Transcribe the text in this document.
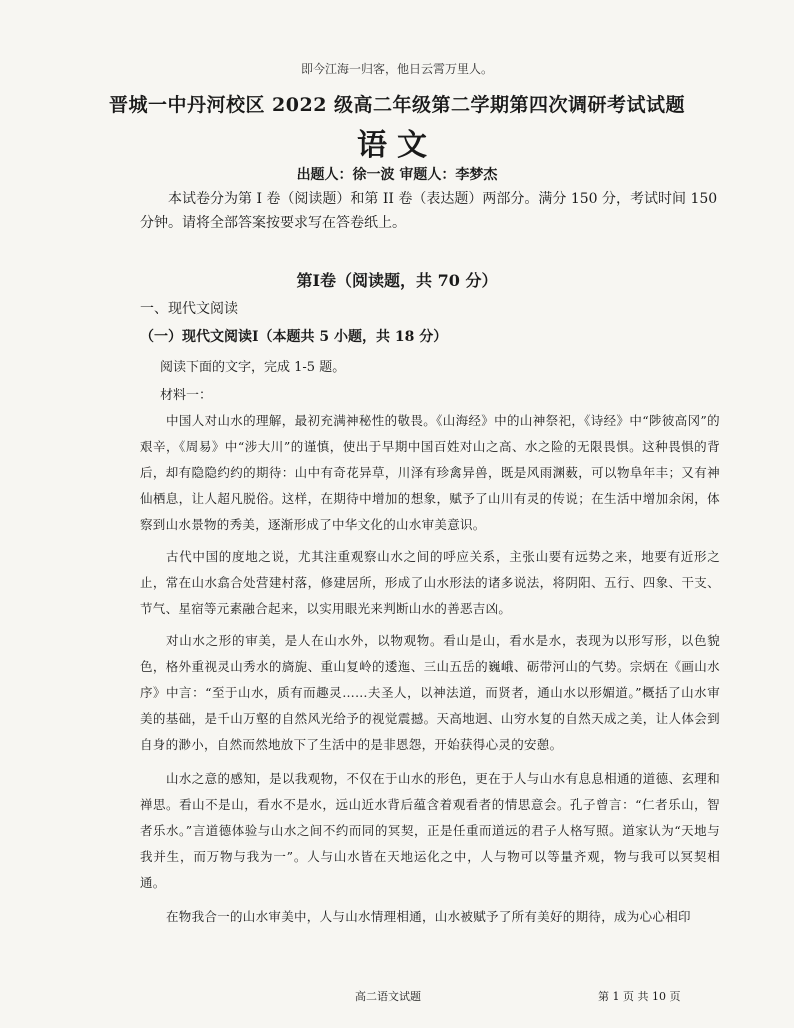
即今江海一归客，他日云霄万里人。
晋城一中丹河校区 2022 级高二年级第二学期第四次调研考试试题
语文
出题人：徐一波 审题人：李梦杰
本试卷分为第 I 卷（阅读题）和第 II 卷（表达题）两部分。满分 150 分，考试时间 150 分钟。请将全部答案按要求写在答卷纸上。
第Ⅰ卷（阅读题，共 70 分）
一、现代文阅读
（一）现代文阅读Ⅰ（本题共 5 小题，共 18 分）
阅读下面的文字，完成 1-5 题。
材料一：
中国人对山水的理解，最初充满神秘性的敬畏。《山海经》中的山神祭祀，《诗经》中“陟彼高冈”的艰辛，《周易》中“涉大川”的谨慎，使出于早期中国百姓对山之高、水之险的无限畏惧。这种畏惧的背后，却有隐隐约约的期待：山中有奇花异草，川泽有珍禽异兽，既是风雨渊薮，可以物阜年丰；又有神仙栖息，让人超凡脱俗。这样，在期待中增加的想象，赋予了山川有灵的传说；在生活中增加余闲，体察到山水景物的秀美，逐渐形成了中华文化的山水审美意识。
古代中国的度地之说，尤其注重观察山水之间的呼应关系，主张山要有远势之来，地要有近形之止，常在山水翕合处营建村落，修建居所，形成了山水形法的诸多说法，将阴阳、五行、四象、干支、节气、星宿等元素融合起来，以实用眼光来判断山水的善恶吉凶。
对山水之形的审美，是人在山水外，以物观物。看山是山，看水是水，表现为以形写形，以色貌色，格外重视灵山秀水的旖旎、重山复岭的逶迤、三山五岳的巍峨、砺带河山的气势。宗炳在《画山水序》中言：“至于山水，质有而趣灵……夫圣人，以神法道，而贤者，通山水以形媚道。”概括了山水审美的基础，是千山万壑的自然风光给予的视觉震撼。天高地迥、山穷水复的自然天成之美，让人体会到自身的渺小，自然而然地放下了生活中的是非恩怨，开始获得心灵的安憩。
山水之意的感知，是以我观物，不仅在于山水的形色，更在于人与山水有息息相通的道德、玄理和禅思。看山不是山，看水不是水，远山近水背后蕴含着观看者的情思意会。孔子曾言：“仁者乐山，智者乐水。”言道德体验与山水之间不约而同的冥契，正是任重而道远的君子人格写照。道家认为“天地与我并生，而万物与我为一”。人与山水皆在天地运化之中，人与物可以等量齐观，物与我可以冥契相通。
在物我合一的山水审美中，人与山水情理相通，山水被赋予了所有美好的期待，成为心心相印
高二语文试题	第 1 页 共 10 页
